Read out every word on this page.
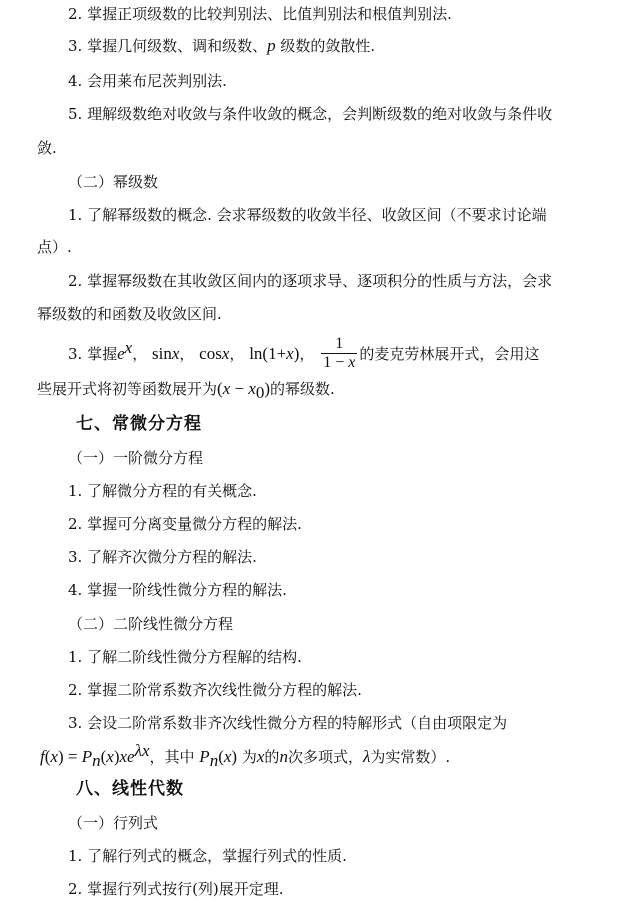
2. 掌握正项级数的比较判别法、比值判别法和根值判别法.
3. 掌握几何级数、调和级数、p 级数的敛散性.
4. 会用莱布尼茨判别法.
5. 理解级数绝对收敛与条件收敛的概念，会判断级数的绝对收敛与条件收
敛.
（二）幂级数
1. 了解幂级数的概念. 会求幂级数的收敛半径、收敛区间（不要求讨论端
点）.
2. 掌握幂级数在其收敛区间内的逐项求导、逐项积分的性质与方法，会求
幂级数的和函数及收敛区间.
3. 掌握$e^x$， sinx， cosx， ln(1+x)， $\frac{1}{1 - x}$ 的麦克劳林展开式，会用这
些展开式将初等函数展开为$(x - x_0)$的幂级数.
七、常微分方程
（一）一阶微分方程
1. 了解微分方程的有关概念.
2. 掌握可分离变量微分方程的解法.
3. 了解齐次微分方程的解法.
4. 掌握一阶线性微分方程的解法.
（二）二阶线性微分方程
1. 了解二阶线性微分方程解的结构.
2. 掌握二阶常系数齐次线性微分方程的解法.
3. 会设二阶常系数非齐次线性微分方程的特解形式（自由项限定为
$f(x) = P_n(x)xe^{\lambda x}$，其中 $P_n(x)$ 为x的n次多项式，λ为实常数）.
八、线性代数
（一）行列式
1. 了解行列式的概念，掌握行列式的性质.
2. 掌握行列式按行(列)展开定理.
